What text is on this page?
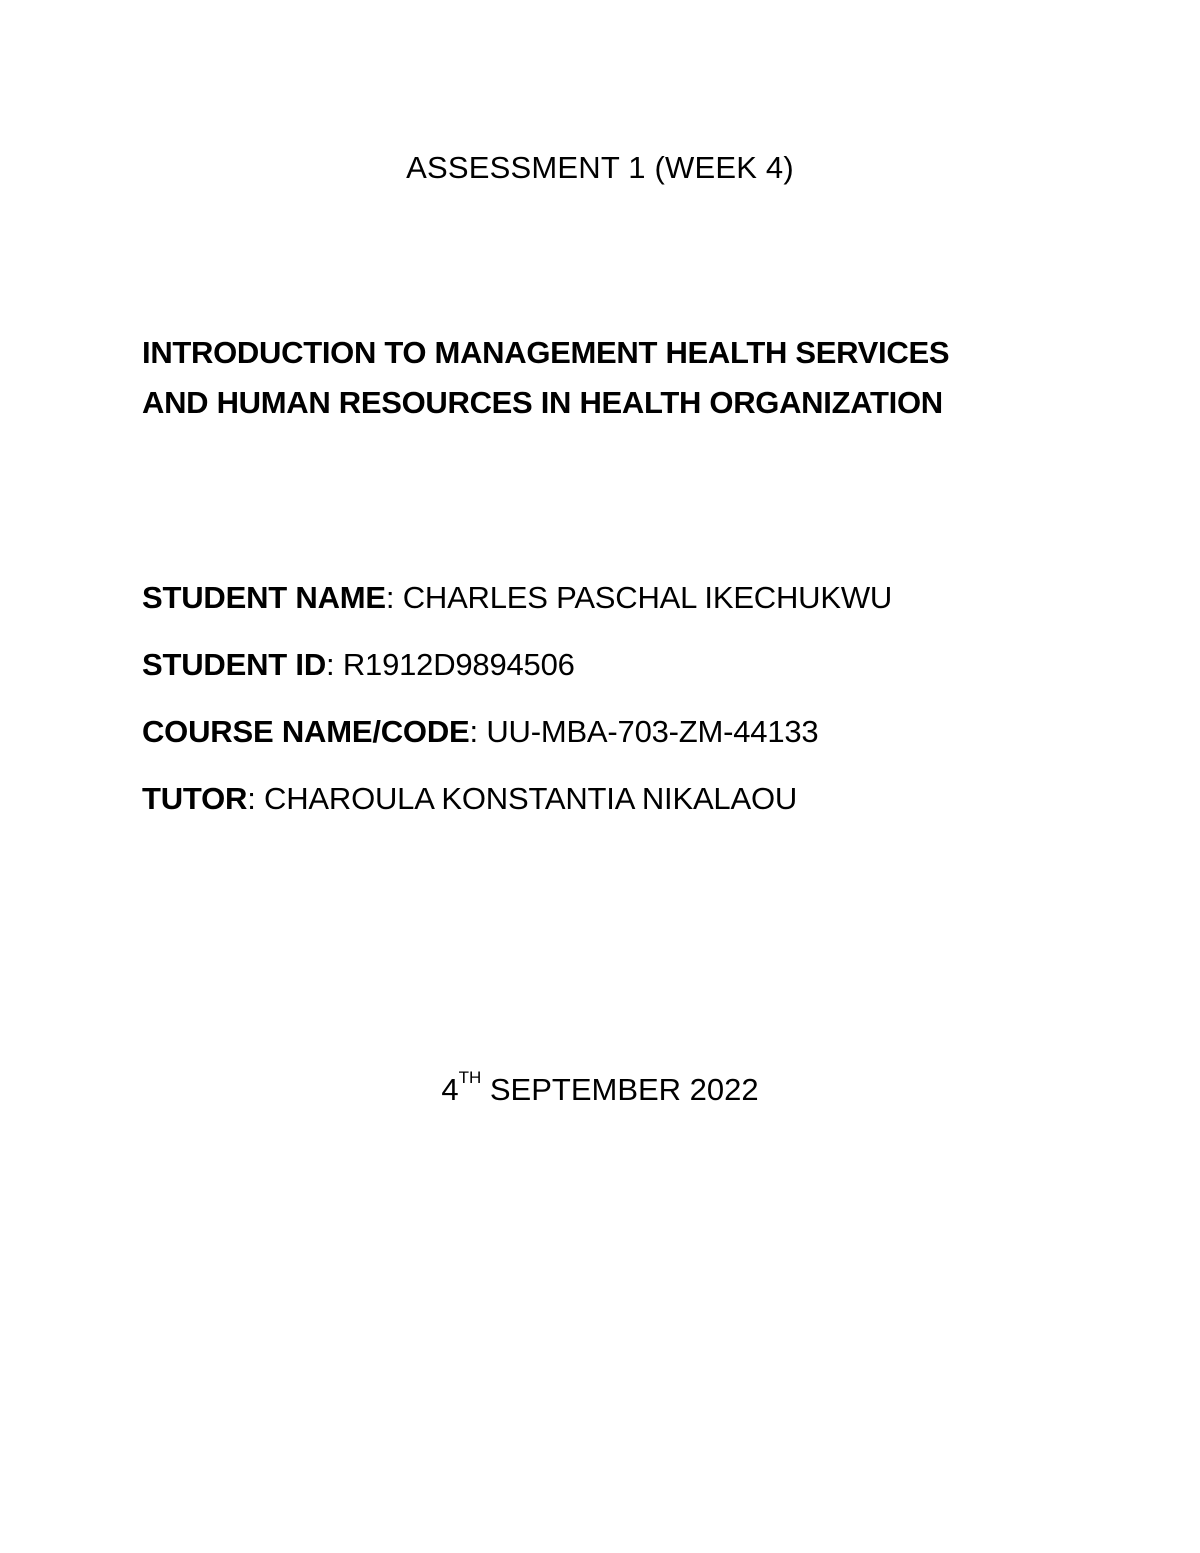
ASSESSMENT 1 (WEEK 4)
INTRODUCTION TO MANAGEMENT HEALTH SERVICES
AND HUMAN RESOURCES IN HEALTH ORGANIZATION
STUDENT NAME: CHARLES PASCHAL IKECHUKWU
STUDENT ID: R1912D9894506
COURSE NAME/CODE: UU-MBA-703-ZM-44133
TUTOR: CHAROULA KONSTANTIA NIKALAOU
4TH SEPTEMBER 2022
